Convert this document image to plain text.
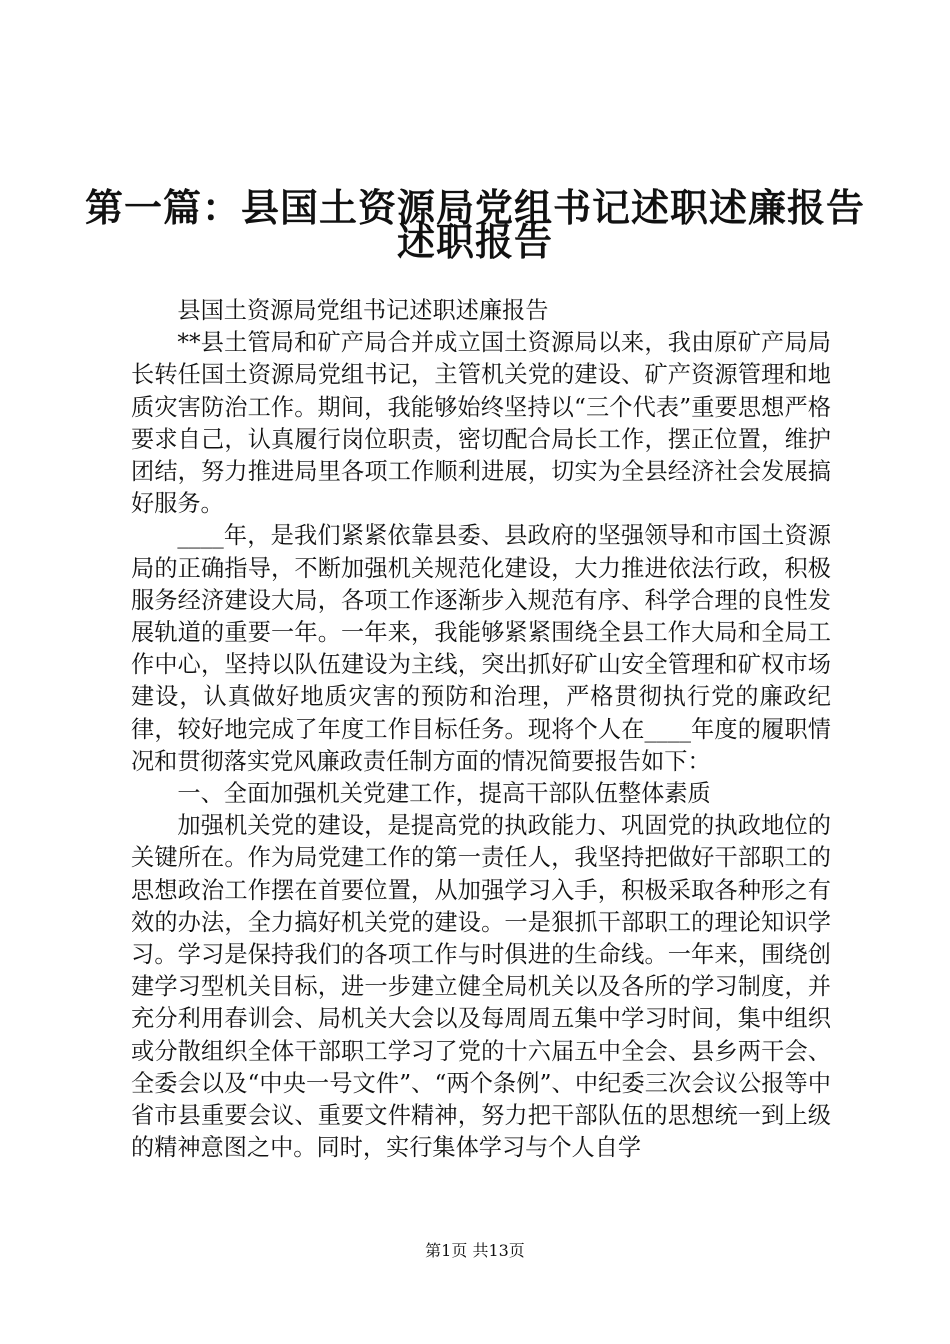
第一篇：县国土资源局党组书记述职述廉报告
述职报告

县国土资源局党组书记述职述廉报告

**县土管局和矿产局合并成立国土资源局以来，我由原矿产局局长转任国土资源局党组书记，主管机关党的建设、矿产资源管理和地质灾害防治工作。期间，我能够始终坚持以“三个代表”重要思想严格要求自己，认真履行岗位职责，密切配合局长工作，摆正位置，维护团结，努力推进局里各项工作顺利进展，切实为全县经济社会发展搞好服务。

____年，是我们紧紧依靠县委、县政府的坚强领导和市国土资源局的正确指导，不断加强机关规范化建设，大力推进依法行政，积极服务经济建设大局，各项工作逐渐步入规范有序、科学合理的良性发展轨道的重要一年。一年来，我能够紧紧围绕全县工作大局和全局工作中心，坚持以队伍建设为主线，突出抓好矿山安全管理和矿权市场建设，认真做好地质灾害的预防和治理，严格贯彻执行党的廉政纪律，较好地完成了年度工作目标任务。现将个人在____年度的履职情况和贯彻落实党风廉政责任制方面的情况简要报告如下：

一、全面加强机关党建工作，提高干部队伍整体素质

加强机关党的建设，是提高党的执政能力、巩固党的执政地位的关键所在。作为局党建工作的第一责任人，我坚持把做好干部职工的思想政治工作摆在首要位置，从加强学习入手，积极采取各种形之有效的办法，全力搞好机关党的建设。一是狠抓干部职工的理论知识学习。学习是保持我们的各项工作与时俱进的生命线。一年来，围绕创建学习型机关目标，进一步建立健全局机关以及各所的学习制度，并充分利用春训会、局机关大会以及每周周五集中学习时间，集中组织或分散组织全体干部职工学习了党的十六届五中全会、县乡两干会、全委会以及“中央一号文件”、“两个条例”、中纪委三次会议公报等中省市县重要会议、重要文件精神，努力把干部队伍的思想统一到上级的精神意图之中。同时，实行集体学习与个人自学

第1页 共13页
